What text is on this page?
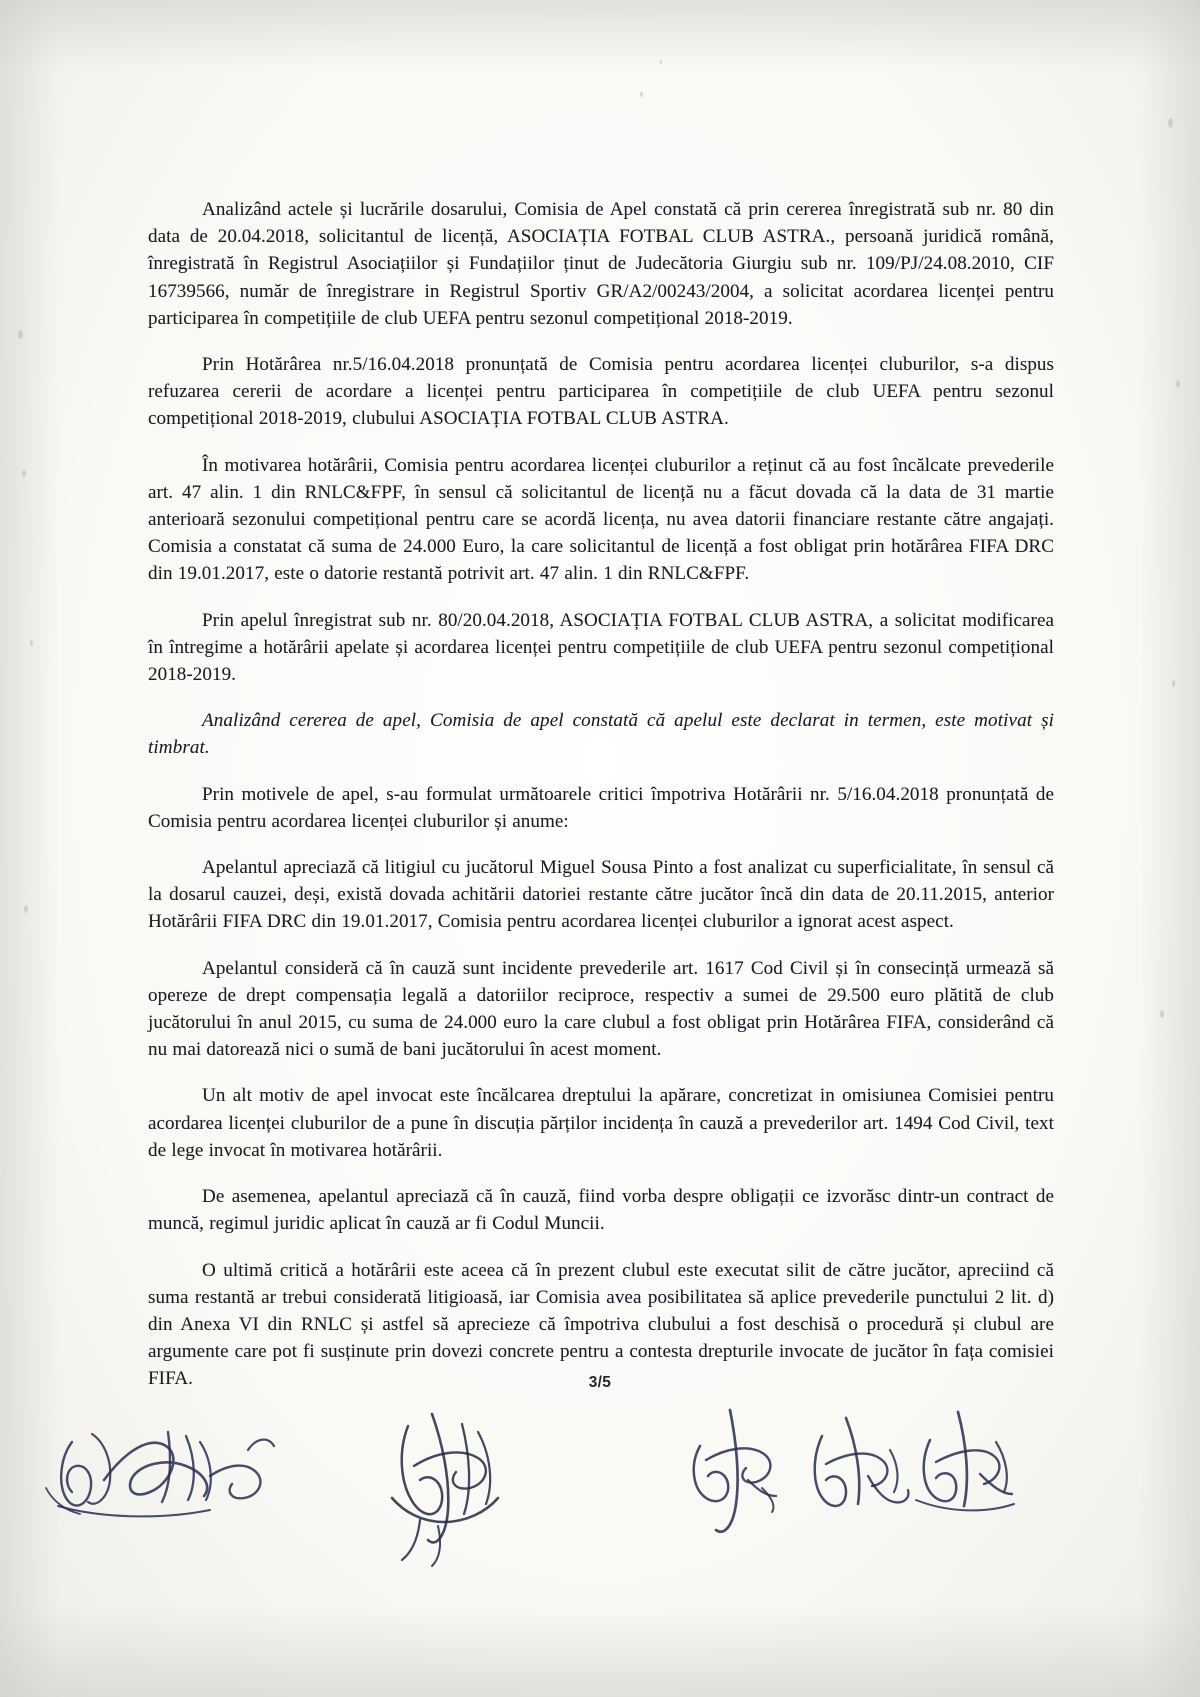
Analizând actele și lucrările dosarului, Comisia de Apel constată că prin cererea înregistrată sub nr. 80 din data de 20.04.2018, solicitantul de licență, ASOCIAȚIA FOTBAL CLUB ASTRA., persoană juridică română, înregistrată în Registrul Asociațiilor și Fundațiilor ținut de Judecătoria Giurgiu sub nr. 109/PJ/24.08.2010, CIF 16739566, număr de înregistrare in Registrul Sportiv GR/A2/00243/2004, a solicitat acordarea licenței pentru participarea în competițiile de club UEFA pentru sezonul competițional 2018-2019.

Prin Hotărârea nr.5/16.04.2018 pronunțată de Comisia pentru acordarea licenței cluburilor, s-a dispus refuzarea cererii de acordare a licenței pentru participarea în competițiile de club UEFA pentru sezonul competițional 2018-2019, clubului ASOCIAȚIA FOTBAL CLUB ASTRA.

În motivarea hotărârii, Comisia pentru acordarea licenței cluburilor a reținut că au fost încălcate prevederile art. 47 alin. 1 din RNLC&FPF, în sensul că solicitantul de licență nu a făcut dovada că la data de 31 martie anterioară sezonului competițional pentru care se acordă licența, nu avea datorii financiare restante către angajați. Comisia a constatat că suma de 24.000 Euro, la care solicitantul de licență a fost obligat prin hotărârea FIFA DRC din 19.01.2017, este o datorie restantă potrivit art. 47 alin. 1 din RNLC&FPF.

Prin apelul înregistrat sub nr. 80/20.04.2018, ASOCIAȚIA FOTBAL CLUB ASTRA, a solicitat modificarea în întregime a hotărârii apelate și acordarea licenței pentru competițiile de club UEFA pentru sezonul competițional 2018-2019.

Analizând cererea de apel, Comisia de apel constată că apelul este declarat in termen, este motivat și timbrat.

Prin motivele de apel, s-au formulat următoarele critici împotriva Hotărârii nr. 5/16.04.2018 pronunțată de Comisia pentru acordarea licenței cluburilor și anume:

Apelantul apreciază că litigiul cu jucătorul Miguel Sousa Pinto a fost analizat cu superficialitate, în sensul că la dosarul cauzei, deși, există dovada achitării datoriei restante către jucător încă din data de 20.11.2015, anterior Hotărârii FIFA DRC din 19.01.2017, Comisia pentru acordarea licenței cluburilor a ignorat acest aspect.

Apelantul consideră că în cauză sunt incidente prevederile art. 1617 Cod Civil și în consecință urmează să opereze de drept compensația legală a datoriilor reciproce, respectiv a sumei de 29.500 euro plătită de club jucătorului în anul 2015, cu suma de 24.000 euro la care clubul a fost obligat prin Hotărârea FIFA, considerând că nu mai datorează nici o sumă de bani jucătorului în acest moment.

Un alt motiv de apel invocat este încălcarea dreptului la apărare, concretizat in omisiunea Comisiei pentru acordarea licenței cluburilor de a pune în discuția părților incidența în cauză a prevederilor art. 1494 Cod Civil, text de lege invocat în motivarea hotărârii.

De asemenea, apelantul apreciază că în cauză, fiind vorba despre obligații ce izvorăsc dintr-un contract de muncă, regimul juridic aplicat în cauză ar fi Codul Muncii.

O ultimă critică a hotărârii este aceea că în prezent clubul este executat silit de către jucător, apreciind că suma restantă ar trebui considerată litigioasă, iar Comisia avea posibilitatea să aplice prevederile punctului 2 lit. d) din Anexa VI din RNLC și astfel să aprecieze că împotriva clubului a fost deschisă o procedură și clubul are argumente care pot fi susținute prin dovezi concrete pentru a contesta drepturile invocate de jucător în fața comisiei FIFA.	3/5
